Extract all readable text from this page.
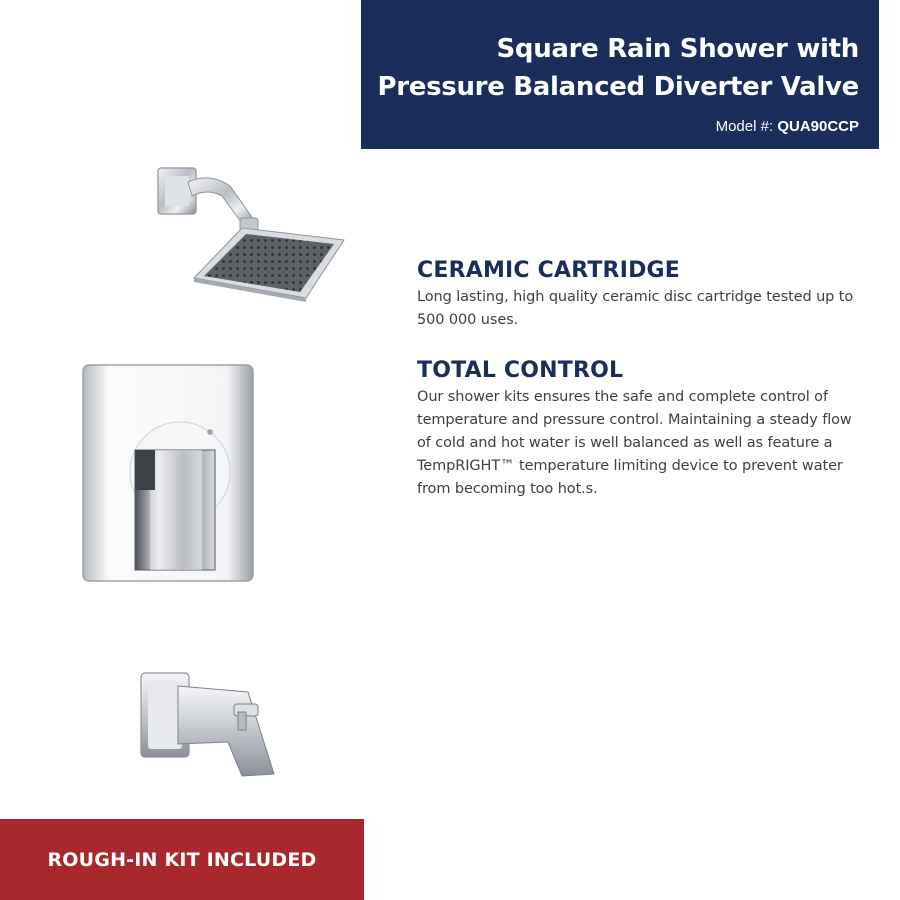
Square Rain Shower with
Pressure Balanced Diverter Valve
Model #: QUA90CCP
CERAMIC CARTRIDGE
Long lasting, high quality ceramic disc cartridge tested up to 500 000 uses.
TOTAL CONTROL
Our shower kits ensures the safe and complete control of temperature and pressure control. Maintaining a steady flow of cold and hot water is well balanced as well as feature a TempRIGHT™ temperature limiting device to prevent water from becoming too hot.s.
ROUGH-IN KIT INCLUDED
